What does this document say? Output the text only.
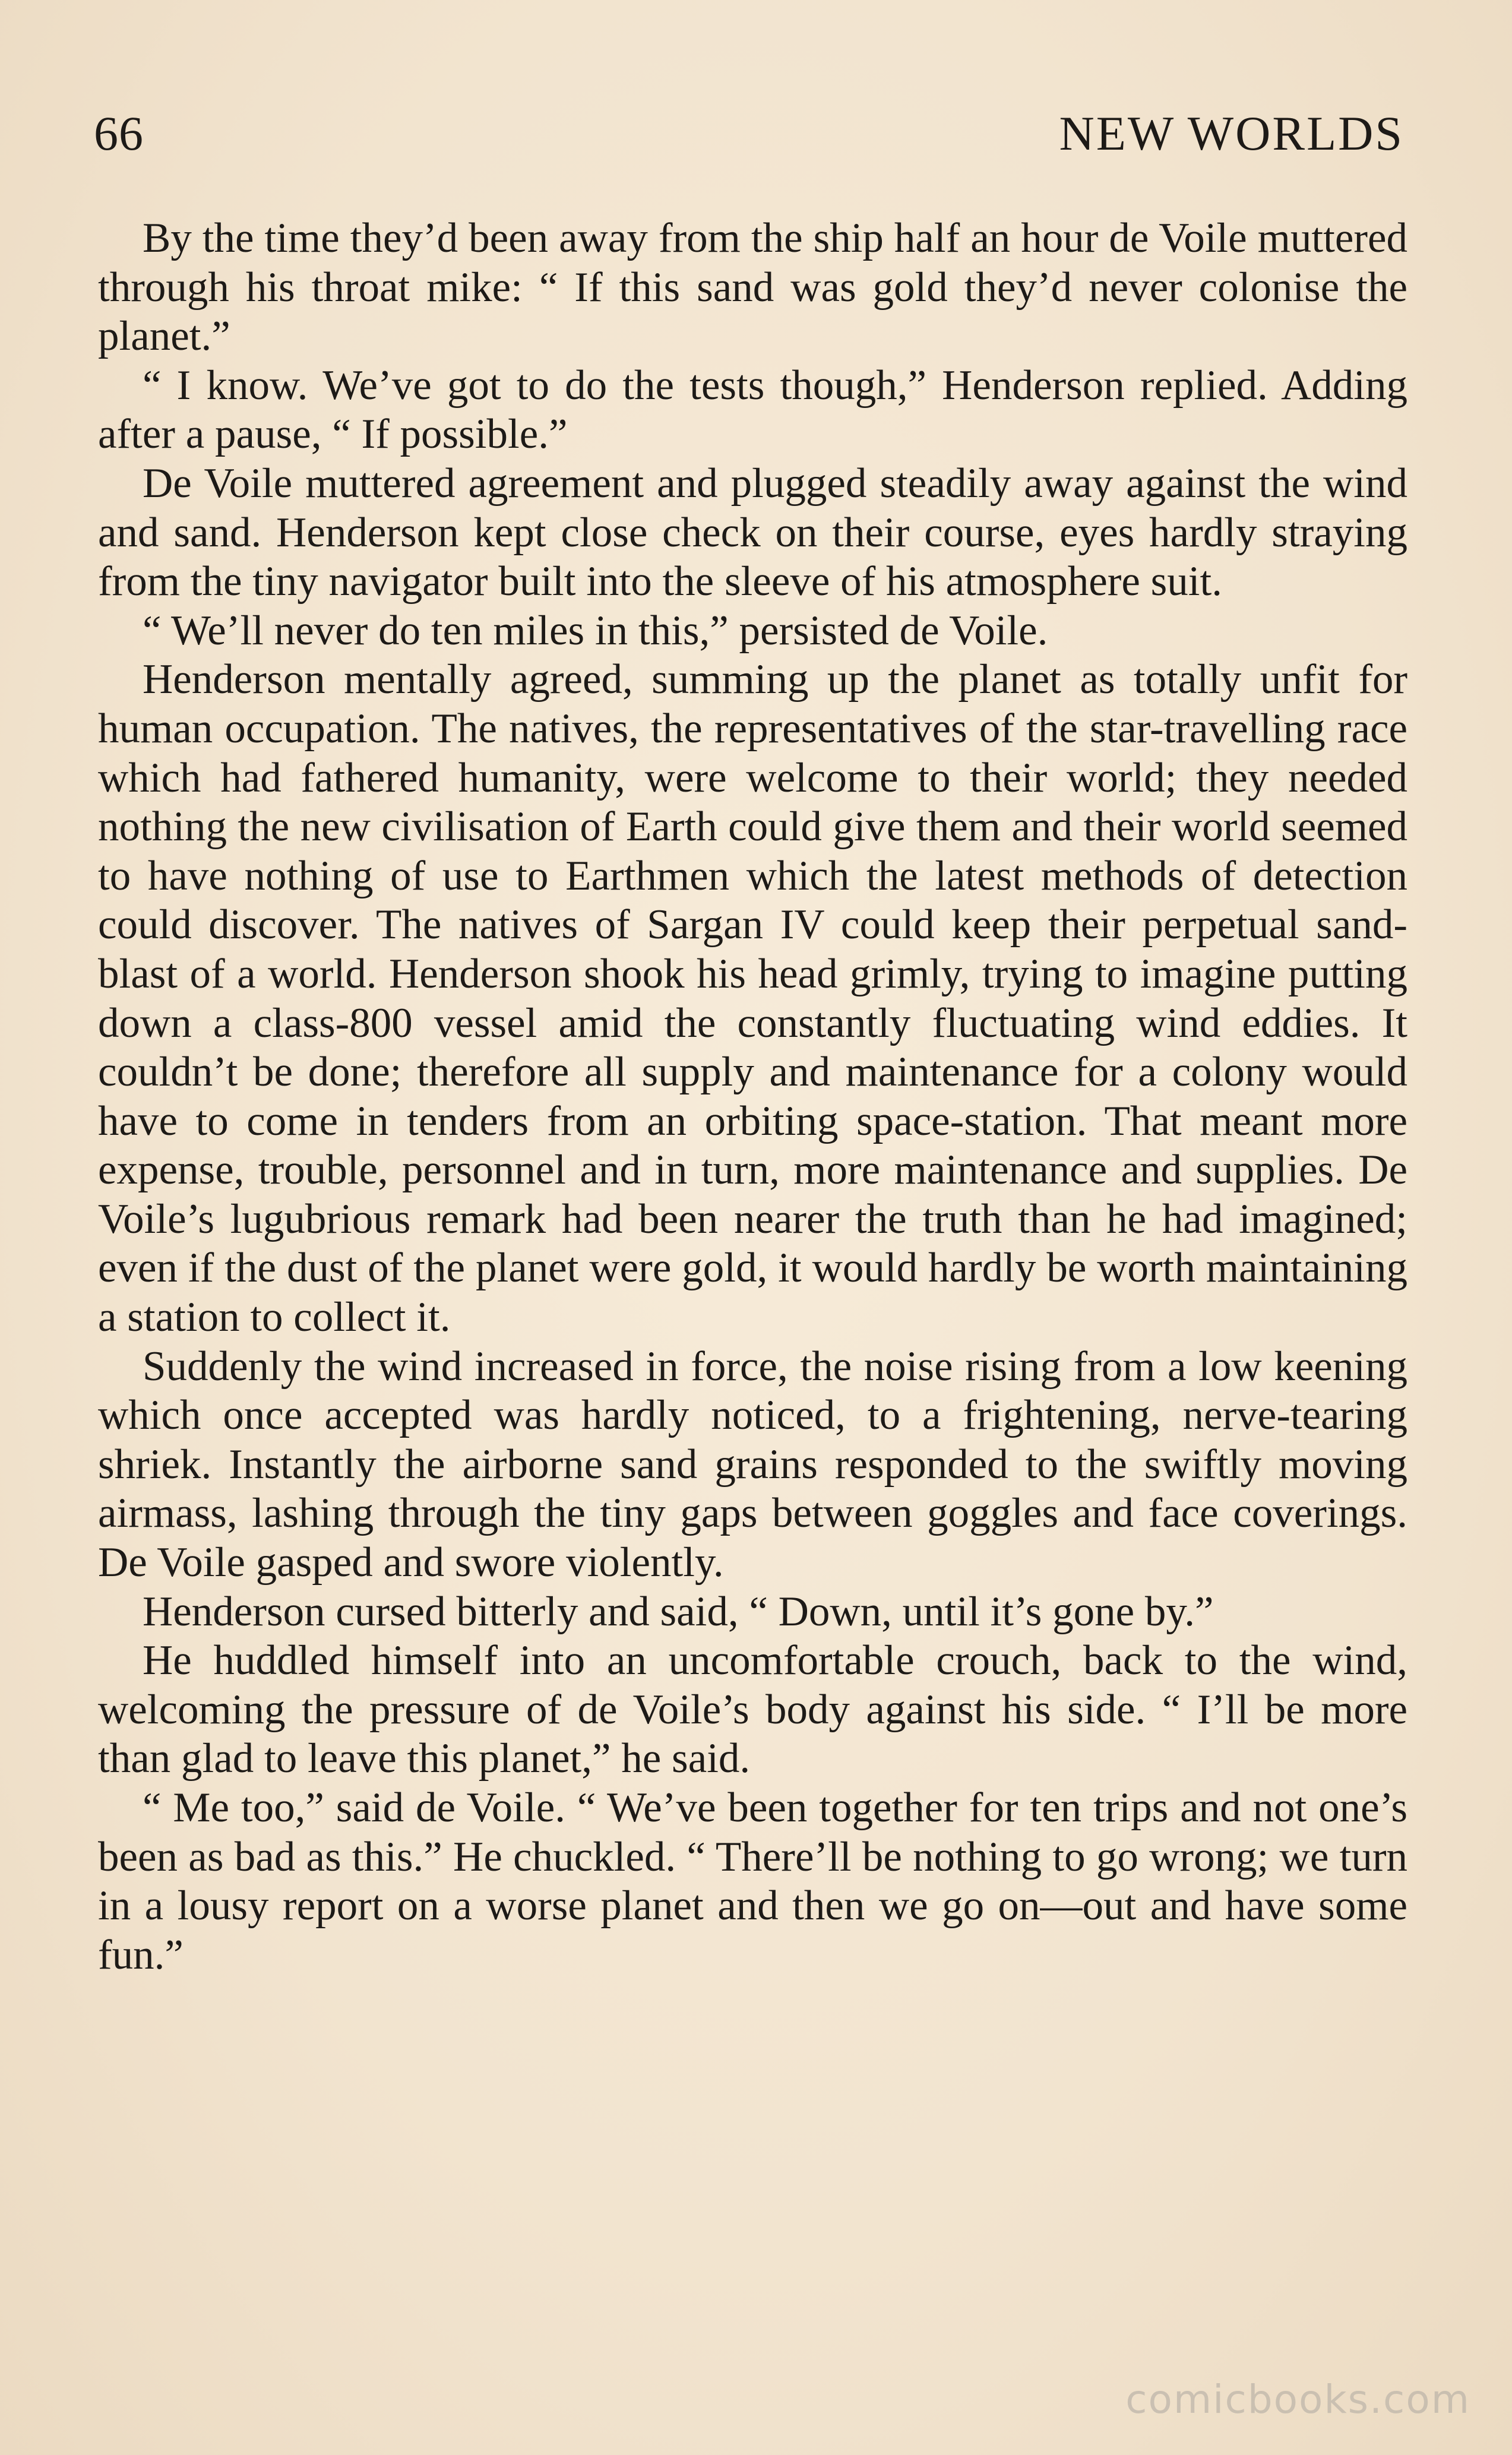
66	NEW WORLDS

By the time they’d been away from the ship half an hour de Voile muttered through his throat mike: “ If this sand was gold they’d never colonise the planet.”

“ I know. We’ve got to do the tests though,” Henderson replied. Adding after a pause, “ If possible.”

De Voile muttered agreement and plugged steadily away against the wind and sand. Henderson kept close check on their course, eyes hardly straying from the tiny navigator built into the sleeve of his atmosphere suit.

“ We’ll never do ten miles in this,” persisted de Voile.

Henderson mentally agreed, summing up the planet as totally unfit for human occupation. The natives, the representatives of the star-travelling race which had fathered humanity, were welcome to their world; they needed nothing the new civilisation of Earth could give them and their world seemed to have nothing of use to Earthmen which the latest methods of detection could discover. The natives of Sargan IV could keep their perpetual sand-blast of a world. Henderson shook his head grimly, trying to imagine putting down a class-800 vessel amid the constantly fluctuating wind eddies. It couldn’t be done; therefore all supply and maintenance for a colony would have to come in tenders from an orbiting space-station. That meant more expense, trouble, personnel and in turn, more maintenance and supplies. De Voile’s lugubrious remark had been nearer the truth than he had imagined; even if the dust of the planet were gold, it would hardly be worth maintaining a station to collect it.

Suddenly the wind increased in force, the noise rising from a low keening which once accepted was hardly noticed, to a frightening, nerve-tearing shriek. Instantly the airborne sand grains responded to the swiftly moving airmass, lashing through the tiny gaps between goggles and face coverings. De Voile gasped and swore violently.

Henderson cursed bitterly and said, “ Down, until it’s gone by.”

He huddled himself into an uncomfortable crouch, back to the wind, welcoming the pressure of de Voile’s body against his side. “ I’ll be more than glad to leave this planet,” he said.

“ Me too,” said de Voile. “ We’ve been together for ten trips and not one’s been as bad as this.” He chuckled. “ There’ll be nothing to go wrong; we turn in a lousy report on a worse planet and then we go on—out and have some fun.”

comicbooks.com
